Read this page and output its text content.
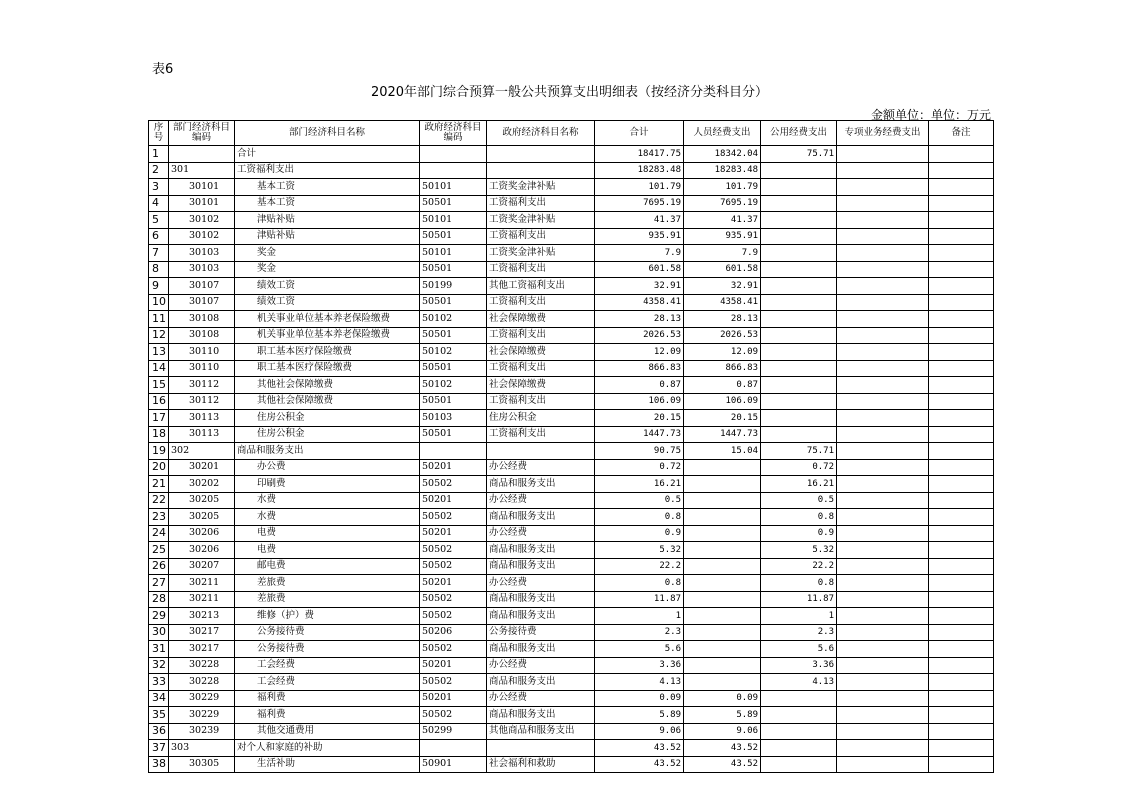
表6
2020年部门综合预算一般公共预算支出明细表（按经济分类科目分）
金额单位：单位：万元
序号	部门经济科目编码	部门经济科目名称	政府经济科目编码	政府经济科目名称	合计	人员经费支出	公用经费支出	专项业务经费支出	备注
1		合计			18417.75	18342.04	75.71		
2	301	工资福利支出			18283.48	18283.48			
3	30101	基本工资	50101	工资奖金津补贴	101.79	101.79			
4	30101	基本工资	50501	工资福利支出	7695.19	7695.19			
5	30102	津贴补贴	50101	工资奖金津补贴	41.37	41.37			
6	30102	津贴补贴	50501	工资福利支出	935.91	935.91			
7	30103	奖金	50101	工资奖金津补贴	7.9	7.9			
8	30103	奖金	50501	工资福利支出	601.58	601.58			
9	30107	绩效工资	50199	其他工资福利支出	32.91	32.91			
10	30107	绩效工资	50501	工资福利支出	4358.41	4358.41			
11	30108	机关事业单位基本养老保险缴费	50102	社会保障缴费	28.13	28.13			
12	30108	机关事业单位基本养老保险缴费	50501	工资福利支出	2026.53	2026.53			
13	30110	职工基本医疗保险缴费	50102	社会保障缴费	12.09	12.09			
14	30110	职工基本医疗保险缴费	50501	工资福利支出	866.83	866.83			
15	30112	其他社会保障缴费	50102	社会保障缴费	0.87	0.87			
16	30112	其他社会保障缴费	50501	工资福利支出	106.09	106.09			
17	30113	住房公积金	50103	住房公积金	20.15	20.15			
18	30113	住房公积金	50501	工资福利支出	1447.73	1447.73			
19	302	商品和服务支出			90.75	15.04	75.71		
20	30201	办公费	50201	办公经费	0.72		0.72		
21	30202	印刷费	50502	商品和服务支出	16.21		16.21		
22	30205	水费	50201	办公经费	0.5		0.5		
23	30205	水费	50502	商品和服务支出	0.8		0.8		
24	30206	电费	50201	办公经费	0.9		0.9		
25	30206	电费	50502	商品和服务支出	5.32		5.32		
26	30207	邮电费	50502	商品和服务支出	22.2		22.2		
27	30211	差旅费	50201	办公经费	0.8		0.8		
28	30211	差旅费	50502	商品和服务支出	11.87		11.87		
29	30213	维修（护）费	50502	商品和服务支出	1		1		
30	30217	公务接待费	50206	公务接待费	2.3		2.3		
31	30217	公务接待费	50502	商品和服务支出	5.6		5.6		
32	30228	工会经费	50201	办公经费	3.36		3.36		
33	30228	工会经费	50502	商品和服务支出	4.13		4.13		
34	30229	福利费	50201	办公经费	0.09	0.09			
35	30229	福利费	50502	商品和服务支出	5.89	5.89			
36	30239	其他交通费用	50299	其他商品和服务支出	9.06	9.06			
37	303	对个人和家庭的补助			43.52	43.52			
38	30305	生活补助	50901	社会福利和救助	43.52	43.52			
